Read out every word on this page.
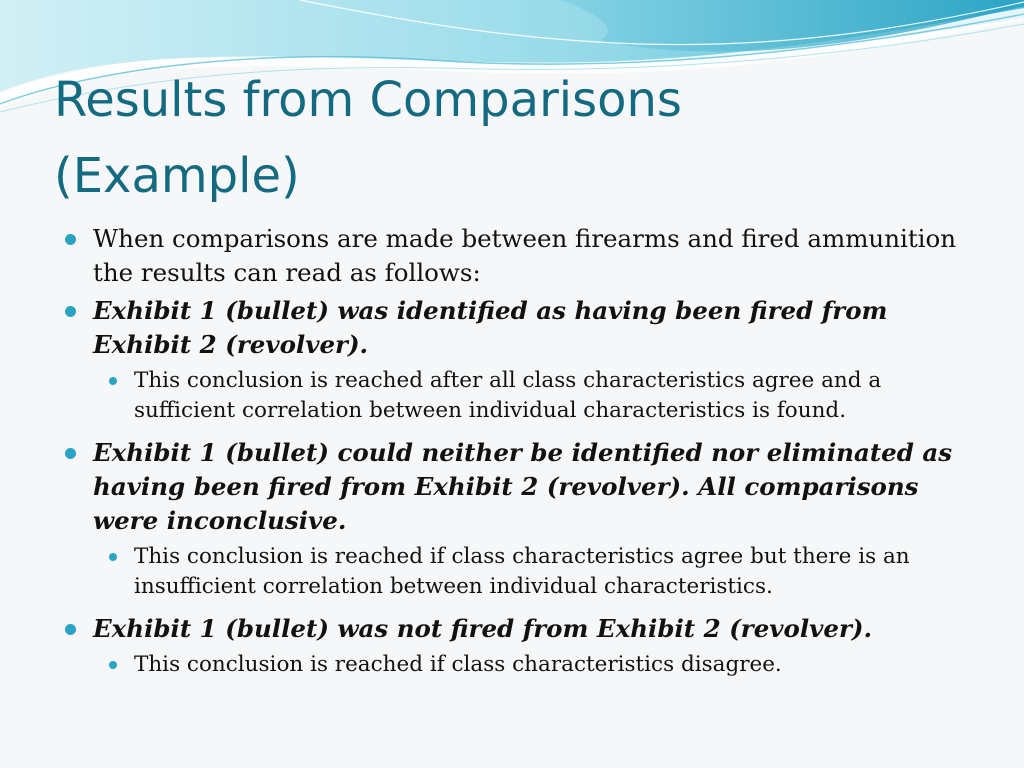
Results from Comparisons
(Example)
When comparisons are made between firearms and fired ammunition the results can read as follows:
Exhibit 1 (bullet) was identified as having been fired from Exhibit 2 (revolver).
This conclusion is reached after all class characteristics agree and a sufficient correlation between individual characteristics is found.
Exhibit 1 (bullet) could neither be identified nor eliminated as having been fired from Exhibit 2 (revolver). All comparisons were inconclusive.
This conclusion is reached if class characteristics agree but there is an insufficient correlation between individual characteristics.
Exhibit 1 (bullet) was not fired from Exhibit 2 (revolver).
This conclusion is reached if class characteristics disagree.
